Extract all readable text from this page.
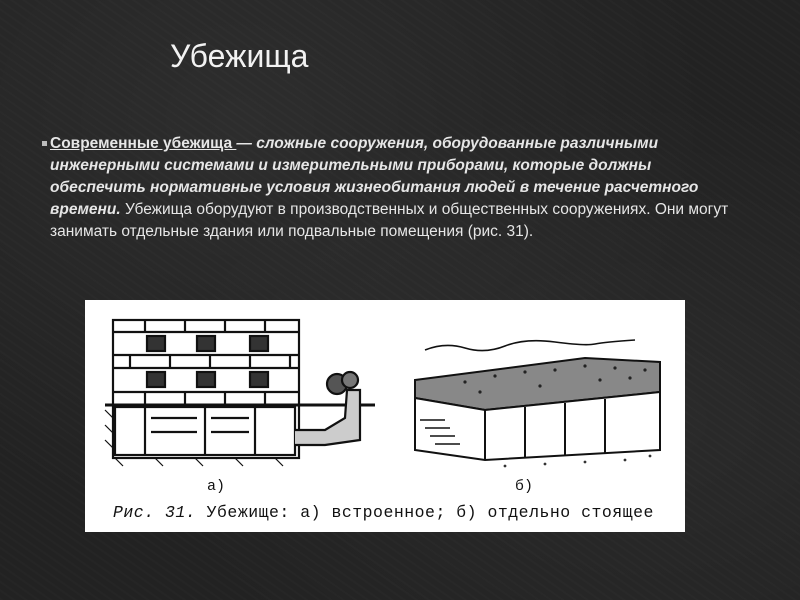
Убежища
Современные убежища — сложные сооружения, оборудованные различными инженерными системами и измерительными приборами, которые должны обеспечить нормативные условия жизнеобитания людей в течение расчетного времени. Убежища оборудуют в производственных и общественных сооружениях. Они могут занимать отдельные здания или подвальные помещения (рис. 31).
а)	б)
Рис. 31. Убежище: а) встроенное; б) отдельно стоящее
